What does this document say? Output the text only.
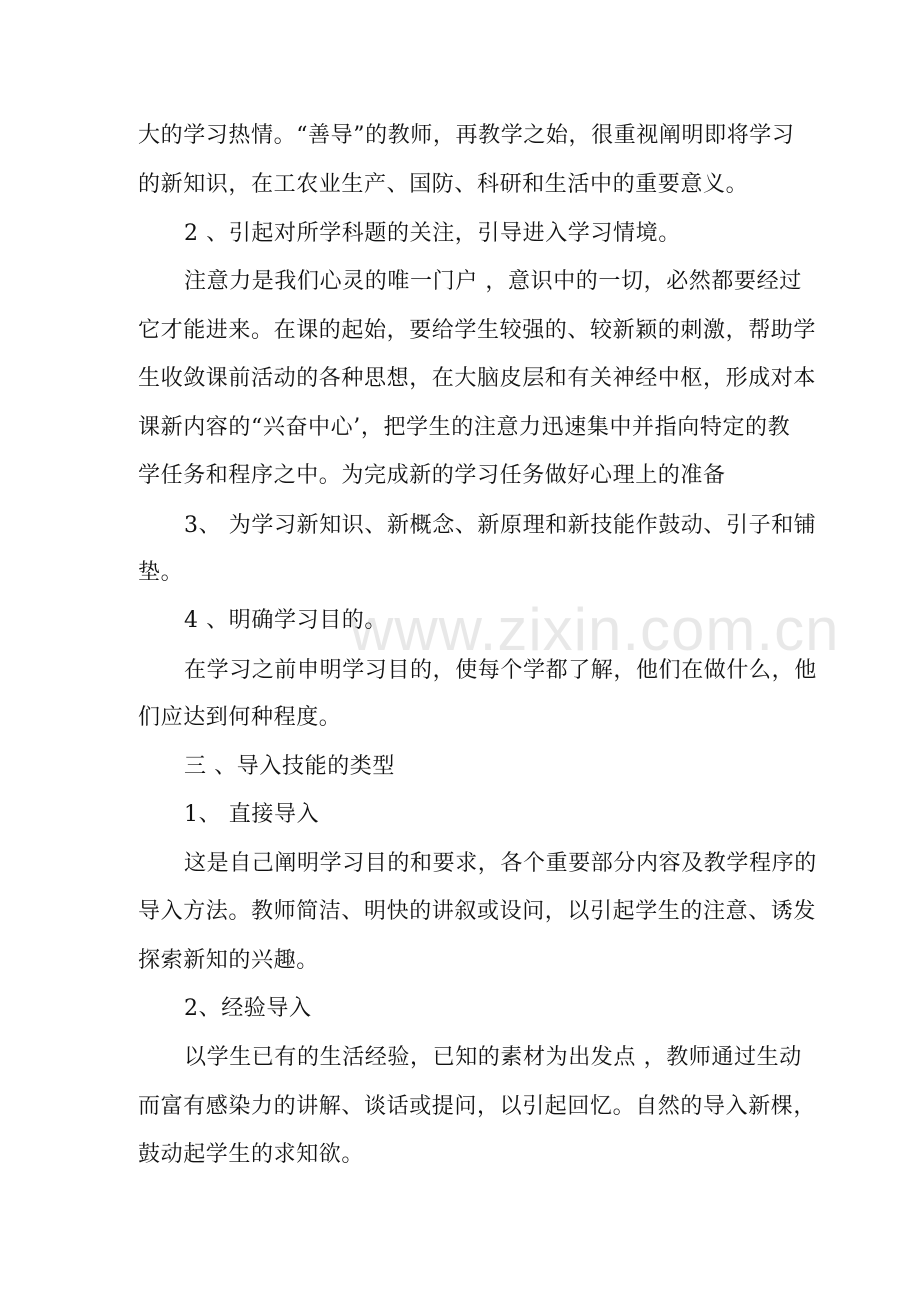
大的学习热情。“善导”的教师，再教学之始，很重视阐明即将学习
的新知识，在工农业生产、国防、科研和生活中的重要意义。
2 、引起对所学科题的关注，引导进入学习情境。
注意力是我们心灵的唯一门户 ，意识中的一切，必然都要经过
它才能进来。在课的起始，要给学生较强的、较新颖的刺激，帮助学
生收敛课前活动的各种思想，在大脑皮层和有关神经中枢，形成对本
课新内容的“兴奋中心’，把学生的注意力迅速集中并指向特定的教
学任务和程序之中。为完成新的学习任务做好心理上的准备
3、 为学习新知识、新概念、新原理和新技能作鼓动、引子和铺
垫。
4 、明确学习目的。
在学习之前申明学习目的，使每个学都了解，他们在做什么，他
们应达到何种程度。
三 、导入技能的类型
1、 直接导入
这是自己阐明学习目的和要求，各个重要部分内容及教学程序的
导入方法。教师简洁、明快的讲叙或设问，以引起学生的注意、诱发
探索新知的兴趣。
2、经验导入
以学生已有的生活经验，已知的素材为出发点 ，教师通过生动
而富有感染力的讲解、谈话或提问，以引起回忆。自然的导入新棵，
鼓动起学生的求知欲。
www.zixin.com.cn
